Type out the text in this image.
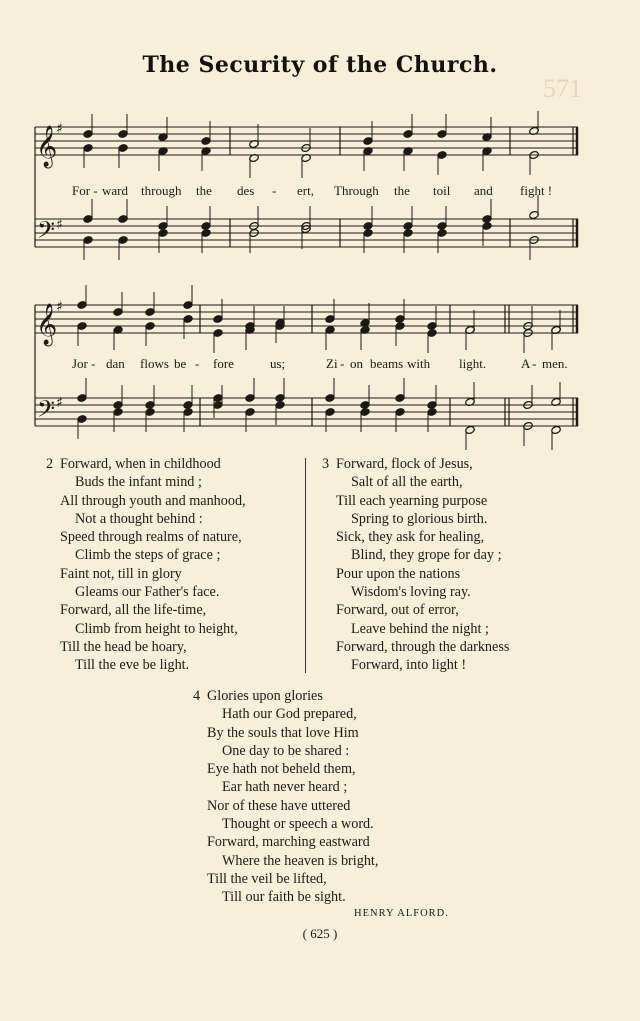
571
The Security of the Church.
𝄞
𝄢
♯
♯
𝄞
𝄢
♯
♯
For - ward through the des - ert, Through the toil and fight !
Jor - dan flows be - fore	us;	Zi - on beams with light.	A - men.
2 Forward, when in childhood
Buds the infant mind ;
All through youth and manhood,
Not a thought behind :
Speed through realms of nature,
Climb the steps of grace ;
Faint not, till in glory
Gleams our Father's face.
Forward, all the life-time,
Climb from height to height,
Till the head be hoary,
Till the eve be light.
3 Forward, flock of Jesus,
Salt of all the earth,
Till each yearning purpose
Spring to glorious birth.
Sick, they ask for healing,
Blind, they grope for day ;
Pour upon the nations
Wisdom's loving ray.
Forward, out of error,
Leave behind the night ;
Forward, through the darkness
Forward, into light !
4 Glories upon glories
Hath our God prepared,
By the souls that love Him
One day to be shared :
Eye hath not beheld them,
Ear hath never heard ;
Nor of these have uttered
Thought or speech a word.
Forward, marching eastward
Where the heaven is bright,
Till the veil be lifted,
Till our faith be sight.
HENRY ALFORD.
( 625 )
